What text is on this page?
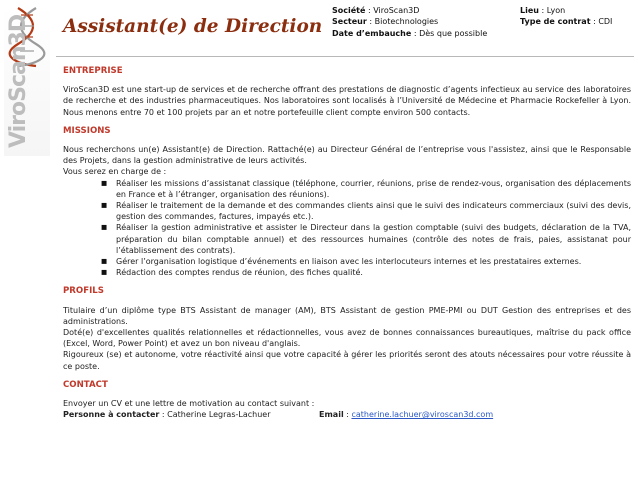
ViroScan3D	Assistant(e) de Direction
Société : ViroScan3D
Secteur : Biotechnologies
Date d’embauche : Dès que possible
Lieu : Lyon
Type de contrat : CDI
ENTREPRISE

ViroScan3D est une start-up de services et de recherche offrant des prestations de diagnostic d’agents infectieux au service des laboratoires de recherche et des industries pharmaceutiques. Nos laboratoires sont localisés à l’Université de Médecine et Pharmacie Rockefeller à Lyon. Nous menons entre 70 et 100 projets par an et notre portefeuille client compte environ 500 contacts.

MISSIONS

Nous recherchons un(e) Assistant(e) de Direction. Rattaché(e) au Directeur Général de l’entreprise vous l'assistez, ainsi que le Responsable des Projets, dans la gestion administrative de leurs activités.

Vous serez en charge de :

■ Réaliser les missions d’assistanat classique (téléphone, courrier, réunions, prise de rendez-vous, organisation des déplacements en France et à l’étranger, organisation des réunions).
■ Réaliser le traitement de la demande et des commandes clients ainsi que le suivi des indicateurs commerciaux (suivi des devis, gestion des commandes, factures, impayés etc.).
■ Réaliser la gestion administrative et assister le Directeur dans la gestion comptable (suivi des budgets, déclaration de la TVA, préparation du bilan comptable annuel) et des ressources humaines (contrôle des notes de frais, paies, assistanat pour l’établissement des contrats).
■ Gérer l’organisation logistique d’événements en liaison avec les interlocuteurs internes et les prestataires externes.
■ Rédaction des comptes rendus de réunion, des fiches qualité.
PROFILS

Titulaire d’un diplôme type BTS Assistant de manager (AM), BTS Assistant de gestion PME-PMI ou DUT Gestion des entreprises et des administrations.

Doté(e) d'excellentes qualités relationnelles et rédactionnelles, vous avez de bonnes connaissances bureautiques, maîtrise du pack office (Excel, Word, Power Point) et avez un bon niveau d'anglais.

Rigoureux (se) et autonome, votre réactivité ainsi que votre capacité à gérer les priorités seront des atouts nécessaires pour votre réussite à ce poste.

CONTACT

Envoyer un CV et une lettre de motivation au contact suivant :

Personne à contacter : Catherine Legras-Lachuer	Email : catherine.lachuer@viroscan3d.com
